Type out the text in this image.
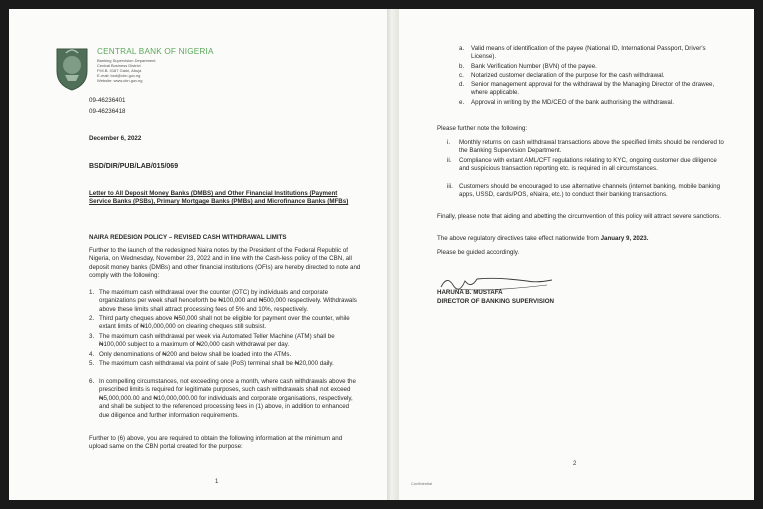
CENTRAL BANK OF NIGERIA
Banking Supervision Department
Central Business District
P.M.B. 0187 Garki, Abuja
E-mail: bsd@cbn.gov.ng
Website: www.cbn.gov.ng
09-46236401
09-46236418
December 6, 2022
BSD/DIR/PUB/LAB/015/069
Letter to All Deposit Money Banks (DMBS) and Other Financial Institutions (Payment Service Banks (PSBs), Primary Mortgage Banks (PMBs) and Microfinance Banks (MFBs)
NAIRA REDESIGN POLICY – REVISED CASH WITHDRAWAL LIMITS
Further to the launch of the redesigned Naira notes by the President of the Federal Republic of Nigeria, on Wednesday, November 23, 2022 and in line with the Cash-less policy of the CBN, all deposit money banks (DMBs) and other financial institutions (OFIs) are hereby directed to note and comply with the following:
1. The maximum cash withdrawal over the counter (OTC) by individuals and corporate organizations per week shall henceforth be ₦100,000 and ₦500,000 respectively. Withdrawals above these limits shall attract processing fees of 5% and 10%, respectively.
2. Third party cheques above ₦50,000 shall not be eligible for payment over the counter, while extant limits of ₦10,000,000 on clearing cheques still subsist.
3. The maximum cash withdrawal per week via Automated Teller Machine (ATM) shall be ₦100,000 subject to a maximum of ₦20,000 cash withdrawal per day.
4. Only denominations of ₦200 and below shall be loaded into the ATMs.
5. The maximum cash withdrawal via point of sale (PoS) terminal shall be ₦20,000 daily.
6. In compelling circumstances, not exceeding once a month, where cash withdrawals above the prescribed limits is required for legitimate purposes, such cash withdrawals shall not exceed ₦5,000,000.00 and ₦10,000,000.00 for individuals and corporate organisations, respectively, and shall be subject to the referenced processing fees in (1) above, in addition to enhanced due diligence and further information requirements.
Further to (6) above, you are required to obtain the following information at the minimum and upload same on the CBN portal created for the purpose:
1
a. Valid means of identification of the payee (National ID, International Passport, Driver's License).
b. Bank Verification Number (BVN) of the payee.
c. Notarized customer declaration of the purpose for the cash withdrawal.
d. Senior management approval for the withdrawal by the Managing Director of the drawee, where applicable.
e. Approval in writing by the MD/CEO of the bank authorising the withdrawal.
Please further note the following:
i. Monthly returns on cash withdrawal transactions above the specified limits should be rendered to the Banking Supervision Department.
ii. Compliance with extant AML/CFT regulations relating to KYC, ongoing customer due diligence and suspicious transaction reporting etc. is required in all circumstances.
iii. Customers should be encouraged to use alternative channels (internet banking, mobile banking apps, USSD, cards/POS, eNaira, etc.) to conduct their banking transactions.
Finally, please note that aiding and abetting the circumvention of this policy will attract severe sanctions.
The above regulatory directives take effect nationwide from January 9, 2023.
Please be guided accordingly.
HARUNA B. MUSTAFA
DIRECTOR OF BANKING SUPERVISION
2
Confidential
